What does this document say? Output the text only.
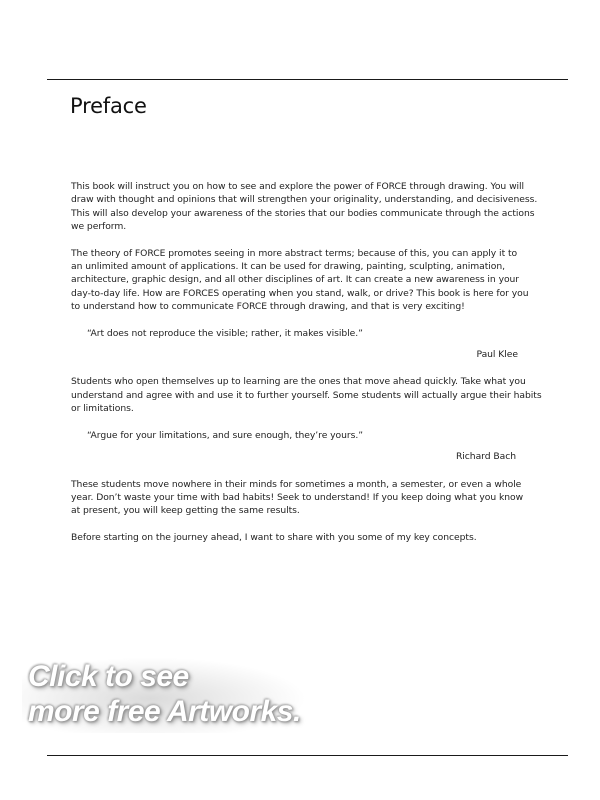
Preface

This book will instruct you on how to see and explore the power of FORCE through drawing. You will
draw with thought and opinions that will strengthen your originality, understanding, and decisiveness.
This will also develop your awareness of the stories that our bodies communicate through the actions
we perform.

The theory of FORCE promotes seeing in more abstract terms; because of this, you can apply it to
an unlimited amount of applications. It can be used for drawing, painting, sculpting, animation,
architecture, graphic design, and all other disciplines of art. It can create a new awareness in your
day-to-day life. How are FORCES operating when you stand, walk, or drive? This book is here for you
to understand how to communicate FORCE through drawing, and that is very exciting!

“Art does not reproduce the visible; rather, it makes visible.”

Paul Klee

Students who open themselves up to learning are the ones that move ahead quickly. Take what you
understand and agree with and use it to further yourself. Some students will actually argue their habits
or limitations.

“Argue for your limitations, and sure enough, they’re yours.”

Richard Bach

These students move nowhere in their minds for sometimes a month, a semester, or even a whole
year. Don’t waste your time with bad habits! Seek to understand! If you keep doing what you know
at present, you will keep getting the same results.

Before starting on the journey ahead, I want to share with you some of my key concepts.

Click to see
more free Artworks.
